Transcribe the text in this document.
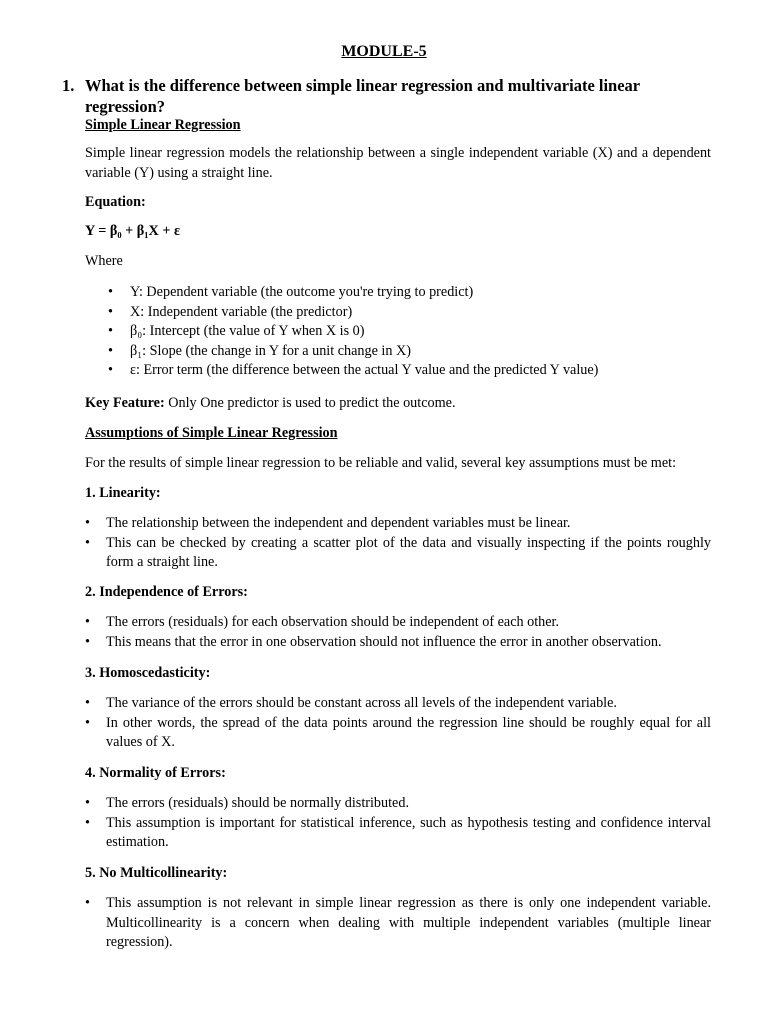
MODULE-5
1. What is the difference between simple linear regression and multivariate linear regression?
Simple Linear Regression

Simple linear regression models the relationship between a single independent variable (X) and a dependent variable (Y) using a straight line.

Equation:
Y = β₀ + β₁X + ε
Where
• Y: Dependent variable (the outcome you're trying to predict)
• X: Independent variable (the predictor)
• β₀: Intercept (the value of Y when X is 0)
• β₁: Slope (the change in Y for a unit change in X)
• ε: Error term (the difference between the actual Y value and the predicted Y value)
Key Feature: Only One predictor is used to predict the outcome.
Assumptions of Simple Linear Regression

For the results of simple linear regression to be reliable and valid, several key assumptions must be met:

1. Linearity:
• The relationship between the independent and dependent variables must be linear.
• This can be checked by creating a scatter plot of the data and visually inspecting if the points roughly form a straight line.
2. Independence of Errors:
• The errors (residuals) for each observation should be independent of each other.
• This means that the error in one observation should not influence the error in another observation.
3. Homoscedasticity:
• The variance of the errors should be constant across all levels of the independent variable.
• In other words, the spread of the data points around the regression line should be roughly equal for all values of X.
4. Normality of Errors:
• The errors (residuals) should be normally distributed.
• This assumption is important for statistical inference, such as hypothesis testing and confidence interval estimation.
5. No Multicollinearity:
• This assumption is not relevant in simple linear regression as there is only one independent variable. Multicollinearity is a concern when dealing with multiple independent variables (multiple linear regression).
